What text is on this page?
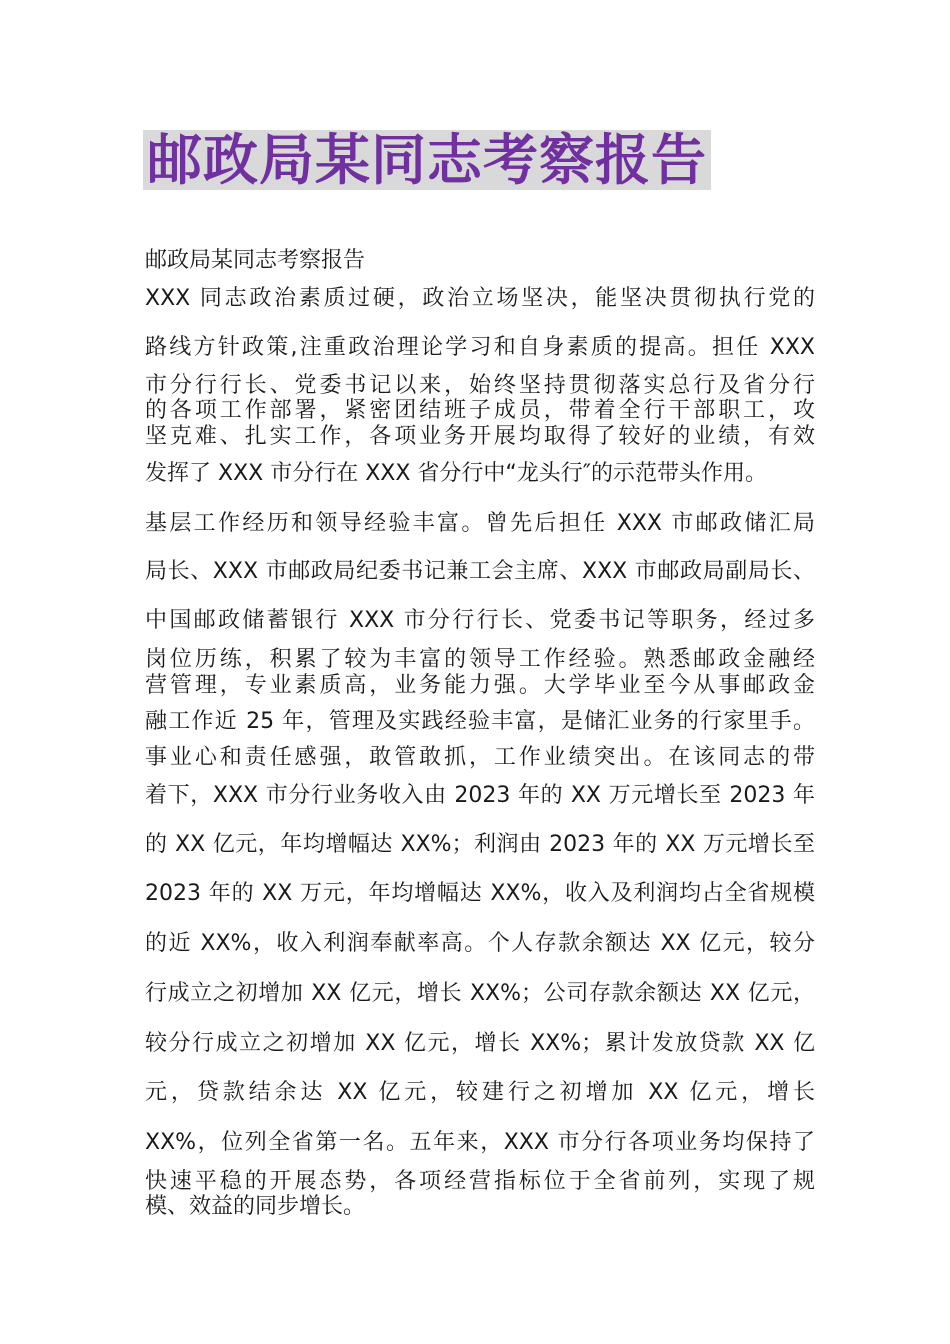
邮政局某同志考察报告
邮政局某同志考察报告
XXX 同志政治素质过硬，政治立场坚决，能坚决贯彻执行党的
路线方针政策,注重政治理论学习和自身素质的提高。担任 XXX
市分行行长、党委书记以来，始终坚持贯彻落实总行及省分行
的各项工作部署，紧密团结班子成员，带着全行干部职工，攻
坚克难、扎实工作，各项业务开展均取得了较好的业绩，有效
发挥了 XXX 市分行在 XXX 省分行中“龙头行″的示范带头作用。
基层工作经历和领导经验丰富。曾先后担任 XXX 市邮政储汇局
局长、XXX 市邮政局纪委书记兼工会主席、XXX 市邮政局副局长、
中国邮政储蓄银行 XXX 市分行行长、党委书记等职务，经过多
岗位历练，积累了较为丰富的领导工作经验。熟悉邮政金融经
营管理，专业素质高，业务能力强。大学毕业至今从事邮政金
融工作近 25 年，管理及实践经验丰富，是储汇业务的行家里手。
事业心和责任感强，敢管敢抓，工作业绩突出。在该同志的带
着下，XXX 市分行业务收入由 2023 年的 XX 万元增长至 2023 年
的 XX 亿元，年均增幅达 XX%；利润由 2023 年的 XX 万元增长至
2023 年的 XX 万元，年均增幅达 XX%，收入及利润均占全省规模
的近 XX%，收入利润奉献率高。个人存款余额达 XX 亿元，较分
行成立之初增加 XX 亿元，增长 XX%；公司存款余额达 XX 亿元，
较分行成立之初增加 XX 亿元，增长 XX%；累计发放贷款 XX 亿
元，贷款结余达 XX 亿元，较建行之初增加 XX 亿元，增长
XX%，位列全省第一名。五年来，XXX 市分行各项业务均保持了
快速平稳的开展态势，各项经营指标位于全省前列，实现了规
模、效益的同步增长。
